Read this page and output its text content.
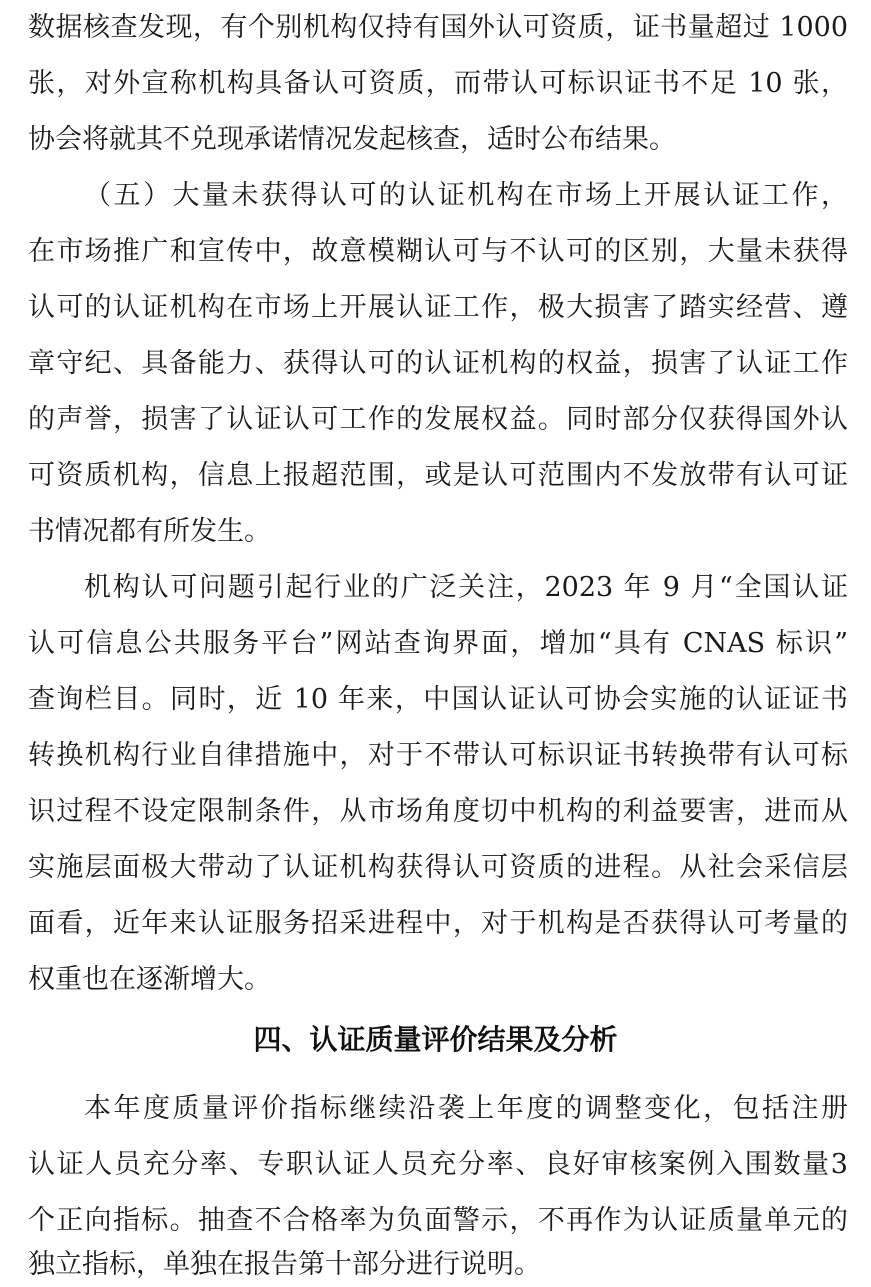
数据核查发现，有个别机构仅持有国外认可资质，证书量超过 1000
张，对外宣称机构具备认可资质，而带认可标识证书不足 10 张，
协会将就其不兑现承诺情况发起核查，适时公布结果。
（五）大量未获得认可的认证机构在市场上开展认证工作，
在市场推广和宣传中，故意模糊认可与不认可的区别，大量未获得
认可的认证机构在市场上开展认证工作，极大损害了踏实经营、遵
章守纪、具备能力、获得认可的认证机构的权益，损害了认证工作
的声誉，损害了认证认可工作的发展权益。同时部分仅获得国外认
可资质机构，信息上报超范围，或是认可范围内不发放带有认可证
书情况都有所发生。
机构认可问题引起行业的广泛关注，2023 年 9 月“全国认证
认可信息公共服务平台”网站查询界面，增加“具有 CNAS 标识”
查询栏目。同时，近 10 年来，中国认证认可协会实施的认证证书
转换机构行业自律措施中，对于不带认可标识证书转换带有认可标
识过程不设定限制条件，从市场角度切中机构的利益要害，进而从
实施层面极大带动了认证机构获得认可资质的进程。从社会采信层
面看，近年来认证服务招采进程中，对于机构是否获得认可考量的
权重也在逐渐增大。
四、认证质量评价结果及分析
本年度质量评价指标继续沿袭上年度的调整变化，包括注册
认证人员充分率、专职认证人员充分率、良好审核案例入围数量3
个正向指标。抽查不合格率为负面警示，不再作为认证质量单元的
独立指标，单独在报告第十部分进行说明。
